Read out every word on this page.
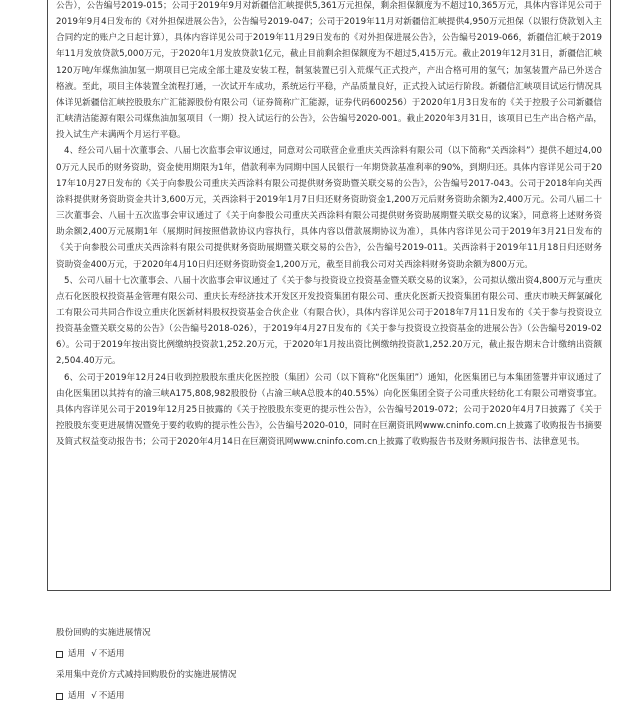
公告），公告编号2019-015；公司于2019年9月对新疆信汇峡提供5,361万元担保，剩余担保额度为不超过10,365万元，具体内容详见公司于2019年9月4日发布的《对外担保进展公告》，公告编号2019-047；公司于2019年11月对新疆信汇峡提供4,950万元担保（以银行贷款划入主合同约定的账户之日起计算），具体内容详见公司于2019年11月29日发布的《对外担保进展公告》，公告编号2019-066，新疆信汇峡于2019年11月发放贷款5,000万元，于2020年1月发放贷款1亿元，截止目前剩余担保额度为不超过5,415万元。截止2019年12月31日，新疆信汇峡120万吨/年煤焦油加氢一期项目已完成全部土建及安装工程，制氢装置已引入荒煤气正式投产，产出合格可用的氢气；加氢装置产品已外送合格液。至此，项目主体装置全流程打通，一次试开车成功，系统运行平稳，产品质量良好，正式投入试运行阶段。新疆信汇峡项目试运行情况具体详见新疆信汇峡控股股东广汇能源股份有限公司（证券简称广汇能源，证券代码600256）于2020年1月3日发布的《关于控股子公司新疆信汇峡清洁能源有限公司煤焦油加氢项目（一期）投入试运行的公告》，公告编号2020-001。截止2020年3月31日，该项目已生产出合格产品，投入试生产未满两个月运行平稳。

4、经公司八届十次董事会、八届七次监事会审议通过，同意对公司联营企业重庆关西涂料有限公司（以下简称“关西涂料”）提供不超过4,000万元人民币的财务资助，资金使用期限为1年，借款利率为同期中国人民银行一年期贷款基准利率的90%，到期归还。具体内容详见公司于2017年10月27日发布的《关于向参股公司重庆关西涂料有限公司提供财务资助暨关联交易的公告》，公告编号2017-043。公司于2018年向关西涂料提供财务资助资金共计3,600万元，关西涂料于2019年1月7日归还财务资助资金1,200万元后财务资助余额为2,400万元。公司八届二十三次董事会、八届十五次监事会审议通过了《关于向参股公司重庆关西涂料有限公司提供财务资助展期暨关联交易的议案》，同意将上述财务资助余额2,400万元展期1年（展期时间按照借款协议内容执行，具体内容以借款展期协议为准），具体内容详见公司于2019年3月21日发布的《关于向参股公司重庆关西涂料有限公司提供财务资助展期暨关联交易的公告》，公告编号2019-011。关西涂料于2019年11月18日归还财务资助资金400万元，于2020年4月10日归还财务资助资金1,200万元，截至目前我公司对关西涂料财务资助余额为800万元。

5、公司八届十七次董事会、八届十次监事会审议通过了《关于参与投资设立投资基金暨关联交易的议案》，公司拟认缴出资4,800万元与重庆点石化医股权投资基金管理有限公司、重庆长寿经济技术开发区开发投资集团有限公司、重庆化医新天投资集团有限公司、重庆市映天辉氯碱化工有限公司共同合作设立重庆化医新材料股权投资基金合伙企业（有限合伙），具体内容详见公司于2018年7月11日发布的《关于参与投资设立投资基金暨关联交易的公告》（公告编号2018-026），于2019年4月27日发布的《关于参与投资设立投资基金的进展公告》（公告编号2019-026）。公司于2019年按出资比例缴纳投资款1,252.20万元，于2020年1月按出资比例缴纳投资款1,252.20万元，截止报告期末合计缴纳出资额2,504.40万元。

6、公司于2019年12月24日收到控股股东重庆化医控股（集团）公司（以下简称“化医集团”）通知，化医集团已与本集团签署并审议通过了由化医集团以其持有的渝三峡A175,808,982股股份（占渝三峡A总股本的40.55%）向化医集团全资子公司重庆轻纺化工有限公司增资事宜。具体内容详见公司于2019年12月25日披露的《关于控股股东变更的提示性公告》，公告编号2019-072；公司于2020年4月7日披露了《关于控股股东变更进展情况暨免于要约收购的提示性公告》，公告编号2020-010，同时在巨潮资讯网www.cninfo.com.cn上披露了收购报告书摘要及简式权益变动报告书；公司于2020年4月14日在巨潮资讯网www.cninfo.com.cn上披露了收购报告书及财务顾问报告书、法律意见书。

股份回购的实施进展情况

适用 √ 不适用

采用集中竞价方式减持回购股份的实施进展情况

适用 √ 不适用
